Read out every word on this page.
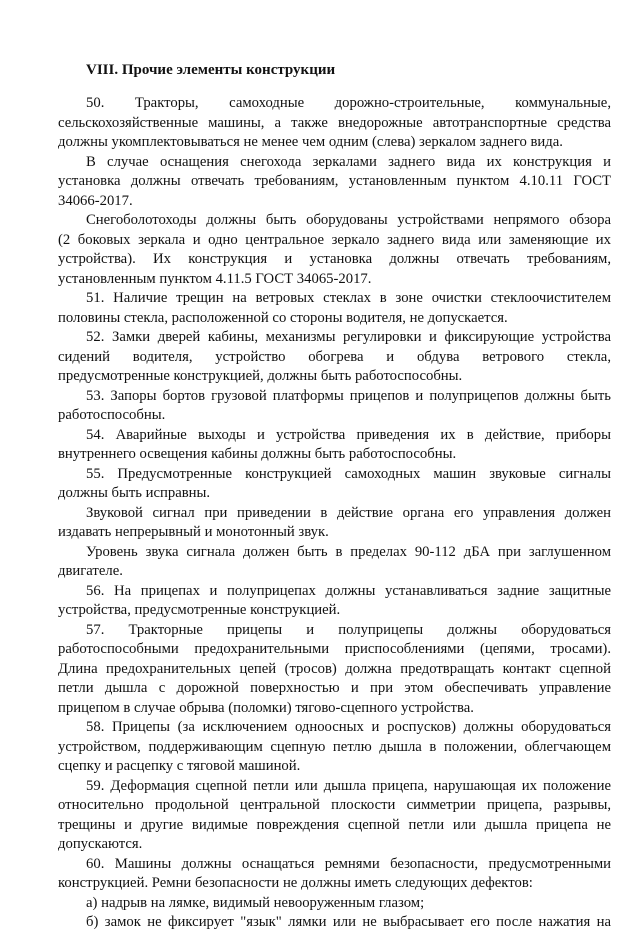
VIII. Прочие элементы конструкции
50. Тракторы, самоходные дорожно-строительные, коммунальные,
сельскохозяйственные машины, а также внедорожные автотранспортные средства
должны укомплектовываться не менее чем одним (слева) зеркалом заднего вида.
В случае оснащения снегохода зеркалами заднего вида их конструкция и
установка должны отвечать требованиям, установленным пунктом 4.10.11 ГОСТ
34066-2017.
Снегоболотоходы должны быть оборудованы устройствами непрямого обзора
(2 боковых зеркала и одно центральное зеркало заднего вида или заменяющие их
устройства). Их конструкция и установка должны отвечать требованиям,
установленным пунктом 4.11.5 ГОСТ 34065-2017.
51. Наличие трещин на ветровых стеклах в зоне очистки стеклоочистителем
половины стекла, расположенной со стороны водителя, не допускается.
52. Замки дверей кабины, механизмы регулировки и фиксирующие устройства
сидений водителя, устройство обогрева и обдува ветрового стекла,
предусмотренные конструкцией, должны быть работоспособны.
53. Запоры бортов грузовой платформы прицепов и полуприцепов должны быть
работоспособны.
54. Аварийные выходы и устройства приведения их в действие, приборы
внутреннего освещения кабины должны быть работоспособны.
55. Предусмотренные конструкцией самоходных машин звуковые сигналы
должны быть исправны.
Звуковой сигнал при приведении в действие органа его управления должен
издавать непрерывный и монотонный звук.
Уровень звука сигнала должен быть в пределах 90-112 дБА при заглушенном
двигателе.
56. На прицепах и полуприцепах должны устанавливаться задние защитные
устройства, предусмотренные конструкцией.
57. Тракторные прицепы и полуприцепы должны оборудоваться
работоспособными предохранительными приспособлениями (цепями, тросами).
Длина предохранительных цепей (тросов) должна предотвращать контакт сцепной
петли дышла с дорожной поверхностью и при этом обеспечивать управление
прицепом в случае обрыва (поломки) тягово-сцепного устройства.
58. Прицепы (за исключением одноосных и роспусков) должны оборудоваться
устройством, поддерживающим сцепную петлю дышла в положении, облегчающем
сцепку и расцепку с тяговой машиной.
59. Деформация сцепной петли или дышла прицепа, нарушающая их положение
относительно продольной центральной плоскости симметрии прицепа, разрывы,
трещины и другие видимые повреждения сцепной петли или дышла прицепа не
допускаются.
60. Машины должны оснащаться ремнями безопасности, предусмотренными
конструкцией. Ремни безопасности не должны иметь следующих дефектов:
а) надрыв на лямке, видимый невооруженным глазом;
б) замок не фиксирует "язык" лямки или не выбрасывает его после нажатия на
